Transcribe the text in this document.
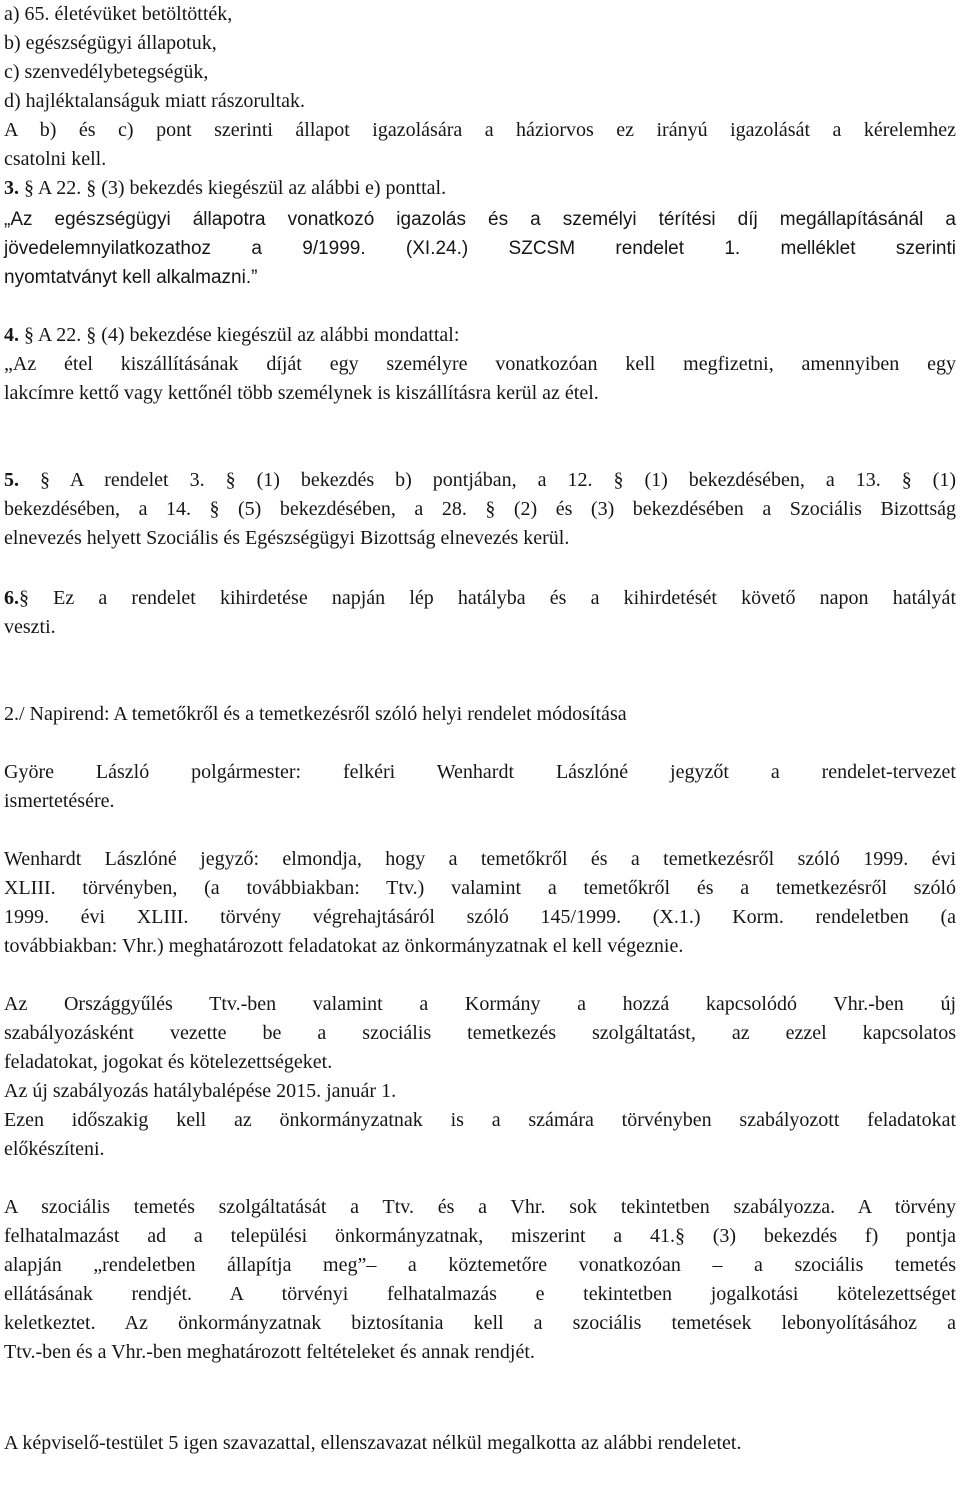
a) 65. életévüket betöltötték,
b) egészségügyi állapotuk,
c) szenvedélybetegségük,
d) hajléktalanságuk miatt rászorultak.
A b) és c) pont szerinti állapot igazolására a háziorvos ez irányú igazolását a kérelemhez
csatolni kell.
3. § A 22. § (3) bekezdés kiegészül az alábbi e) ponttal.
„Az egészségügyi állapotra vonatkozó igazolás és a személyi térítési díj megállapításánál a
jövedelemnyilatkozathoz a 9/1999. (XI.24.) SZCSM rendelet 1. melléklet szerinti
nyomtatványt kell alkalmazni.”
4. § A 22. § (4) bekezdése kiegészül az alábbi mondattal:
„Az étel kiszállításának díját egy személyre vonatkozóan kell megfizetni, amennyiben egy
lakcímre kettő vagy kettőnél több személynek is kiszállításra kerül az étel.
5. § A rendelet 3. § (1) bekezdés b) pontjában, a 12. § (1) bekezdésében, a 13. § (1)
bekezdésében, a 14. § (5) bekezdésében, a 28. § (2) és (3) bekezdésében a Szociális Bizottság
elnevezés helyett Szociális és Egészségügyi Bizottság elnevezés kerül.
6.§ Ez a rendelet kihirdetése napján lép hatályba és a kihirdetését követő napon hatályát
veszti.
2./ Napirend: A temetőkről és a temetkezésről szóló helyi rendelet módosítása
Györe László polgármester: felkéri Wenhardt Lászlóné jegyzőt a rendelet-tervezet
ismertetésére.
Wenhardt Lászlóné jegyző: elmondja, hogy a temetőkről és a temetkezésről szóló 1999. évi
XLIII. törvényben, (a továbbiakban: Ttv.) valamint a temetőkről és a temetkezésről szóló
1999. évi XLIII. törvény végrehajtásáról szóló 145/1999. (X.1.) Korm. rendeletben (a
továbbiakban: Vhr.) meghatározott feladatokat az önkormányzatnak el kell végeznie.
Az Országgyűlés Ttv.-ben valamint a Kormány a hozzá kapcsolódó Vhr.-ben új
szabályozásként vezette be a szociális temetkezés szolgáltatást, az ezzel kapcsolatos
feladatokat, jogokat és kötelezettségeket.
Az új szabályozás hatálybalépése 2015. január 1.
Ezen időszakig kell az önkormányzatnak is a számára törvényben szabályozott feladatokat
előkészíteni.
A szociális temetés szolgáltatását a Ttv. és a Vhr. sok tekintetben szabályozza. A törvény
felhatalmazást ad a települési önkormányzatnak, miszerint a 41.§ (3) bekezdés f) pontja
alapján „rendeletben állapítja meg”– a köztemetőre vonatkozóan – a szociális temetés
ellátásának rendjét. A törvényi felhatalmazás e tekintetben jogalkotási kötelezettséget
keletkeztet. Az önkormányzatnak biztosítania kell a szociális temetések lebonyolításához a
Ttv.-ben és a Vhr.-ben meghatározott feltételeket és annak rendjét.
A képviselő-testület 5 igen szavazattal, ellenszavazat nélkül megalkotta az alábbi rendeletet.
